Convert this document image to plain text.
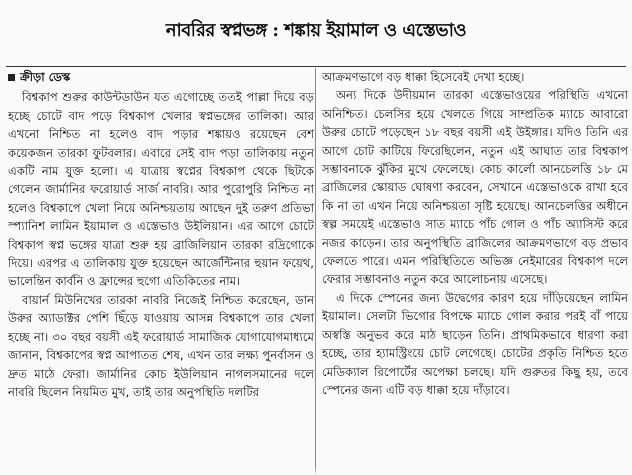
নাবরির স্বপ্নভঙ্গ : শঙ্কায় ইয়ামাল ও এস্তেভাও
ক্রীড়া ডেস্ক

বিশ্বকাপ শুরুর কাউন্টডাউন যত এগোচ্ছে ততই পাল্লা দিয়ে বড় হচ্ছে চোটে বাদ পড়ে বিশ্বকাপ খেলার স্বপ্নভঙ্গের তালিকা। আর এখনো নিশ্চিত না হলেও বাদ পড়ার শঙ্কায়ও রয়েছেন বেশ কয়েকজন তারকা ফুটবলার। এবারে সেই বাদ পড়া তালিকায় নতুন একটি নাম যুক্ত হলো। এ যাত্রায় স্বপ্নের বিশ্বকাপ থেকে ছিটকে গেলেন জার্মানির ফরোয়ার্ড সার্জ নাবরি। আর পুরোপুরি নিশ্চিত না হলেও বিশ্বকাপে খেলা নিয়ে অনিশ্চয়তায় আছেন দুই তরুণ প্রতিভা স্প্যানিশ লামিন ইয়ামাল ও এস্তেভাও উইলিয়ান। এর আগে চোটে বিশ্বকাপ স্বপ্ন ভঙ্গের যাত্রা শুরু হয় ব্রাজিলিয়ান তারকা রদ্রিগোকে দিয়ে। এরপর এ তালিকায় যুক্ত হয়েছেন আর্জেন্টিনার হুয়ান ফয়েথ, ভালেন্তিন কার্বনি ও ফ্রান্সের হুগো এতিকিতের নাম।

বায়ার্ন মিউনিখের তারকা নাবরি নিজেই নিশ্চিত করেছেন, ডান উরুর অ্যাডাক্টর পেশি ছিঁড়ে যাওয়ায় আসন্ন বিশ্বকাপে তার খেলা হচ্ছে না। ৩০ বছর বয়সী এই ফরোয়ার্ড সামাজিক যোগাযোগমাধ্যমে জানান, বিশ্বকাপের স্বপ্ন আপাতত শেষ, এখন তার লক্ষ্য পুনর্বাসন ও দ্রুত মাঠে ফেরা। জার্মানির কোচ ইউলিয়ান নাগলসমানের দলে নাবরি ছিলেন নিয়মিত মুখ, তাই তার অনুপস্থিতি দলটির

আক্রমণভাগে বড় ধাক্কা হিসেবেই দেখা হচ্ছে।

অন্য দিকে উদীয়মান তারকা এস্তেভাওয়ের পরিস্থিতি এখনো অনিশ্চিত। চেলসির হয়ে খেলতে গিয়ে সাম্প্রতিক ম্যাচে আবারো উরুর চোটে পড়েছেন ১৮ বছর বয়সী এই উইঙ্গার। যদিও তিনি এর আগে চোট কাটিয়ে ফিরেছিলেন, নতুন এই আঘাত তার বিশ্বকাপ সম্ভাবনাকে ঝুঁকির মুখে ফেলেছে। কোচ কার্লো আনচেলত্তি ১৮ মে ব্রাজিলের স্কোয়াড ঘোষণা করবেন, সেখানে এস্তেভাওকে রাখা হবে কি না তা এখন নিয়ে অনিশ্চয়তা সৃষ্টি হয়েছে। আনচেলত্তির অধীনে স্বল্প সময়েই এস্তেভাও সাত ম্যাচে পাঁচ গোল ও পাঁচ অ্যাসিস্ট করে নজর কাড়েন। তার অনুপস্থিতি ব্রাজিলের আক্রমণভাগে বড় প্রভাব ফেলতে পারে। এমন পরিস্থিতিতে অভিজ্ঞ নেইমারের বিশ্বকাপ দলে ফেরার সম্ভাবনাও নতুন করে আলোচনায় এসেছে।

এ দিকে স্পেনের জন্য উদ্বেগের কারণ হয়ে দাঁড়িয়েছেন লামিন ইয়ামাল। সেলটা ভিগোর বিপক্ষে ম্যাচে গোল করার পরই বাঁ পায়ে অস্বস্তি অনুভব করে মাঠ ছাড়েন তিনি। প্রাথমিকভাবে ধারণা করা হচ্ছে, তার হ্যামস্ট্রিংয়ে চোট লেগেছে। চোটের প্রকৃতি নিশ্চিত হতে মেডিক্যাল রিপোর্টের অপেক্ষা চলছে। যদি গুরুতর কিছু হয়, তবে স্পেনের জন্য এটি বড় ধাক্কা হয়ে দাঁড়াবে।
